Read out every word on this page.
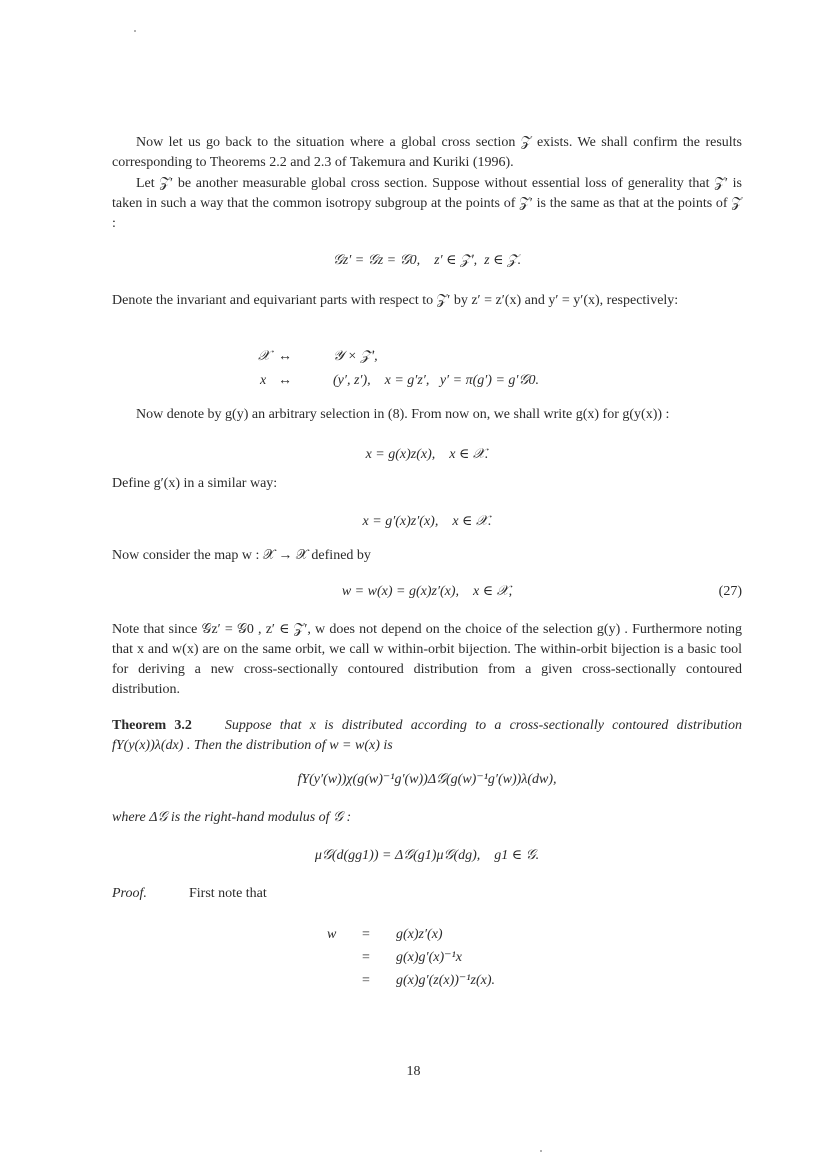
Now let us go back to the situation where a global cross section 𝒵 exists. We shall confirm the results corresponding to Theorems 2.2 and 2.3 of Takemura and Kuriki (1996).

Let 𝒵′ be another measurable global cross section. Suppose without essential loss of generality that 𝒵′ is taken in such a way that the common isotropy subgroup at the points of 𝒵′ is the same as that at the points of 𝒵 :

𝒢z′ = 𝒢z = 𝒢0,    z′ ∈ 𝒵′,  z ∈ 𝒵.

Denote the invariant and equivariant parts with respect to 𝒵′ by z′ = z′(x) and y′ = y′(x), respectively:

𝒳 ↔	𝒴 × 𝒵′,
x ↔	(y′, z′),    x = g′z′,   y′ = π(g′) = g′𝒢0.

Now denote by g(y) an arbitrary selection in (8). From now on, we shall write g(x) for g(y(x)) :

x = g(x)z(x),    x ∈ 𝒳.

Define g′(x) in a similar way:

x = g′(x)z′(x),    x ∈ 𝒳.

Now consider the map w : 𝒳 → 𝒳 defined by

w = w(x) = g(x)z′(x),    x ∈ 𝒳,	(27)

Note that since 𝒢z′ = 𝒢0 , z′ ∈ 𝒵′, w does not depend on the choice of the selection g(y) . Furthermore noting that x and w(x) are on the same orbit, we call w within-orbit bijection. The within-orbit bijection is a basic tool for deriving a new cross-sectionally contoured distribution from a given cross-sectionally contoured distribution.

Theorem 3.2 Suppose that x is distributed according to a cross-sectionally contoured distribution fY(y(x))λ(dx) . Then the distribution of w = w(x) is

fY(y′(w))χ(g(w)⁻¹g′(w))Δ𝒢(g(w)⁻¹g′(w))λ(dw),

where Δ𝒢 is the right-hand modulus of 𝒢 :

μ𝒢(d(gg1)) = Δ𝒢(g1)μ𝒢(dg),    g1 ∈ 𝒢.
Proof.	First note that
w = g(x)z′(x)
= g(x)g′(x)⁻¹x
= g(x)g′(z(x))⁻¹z(x).
18
